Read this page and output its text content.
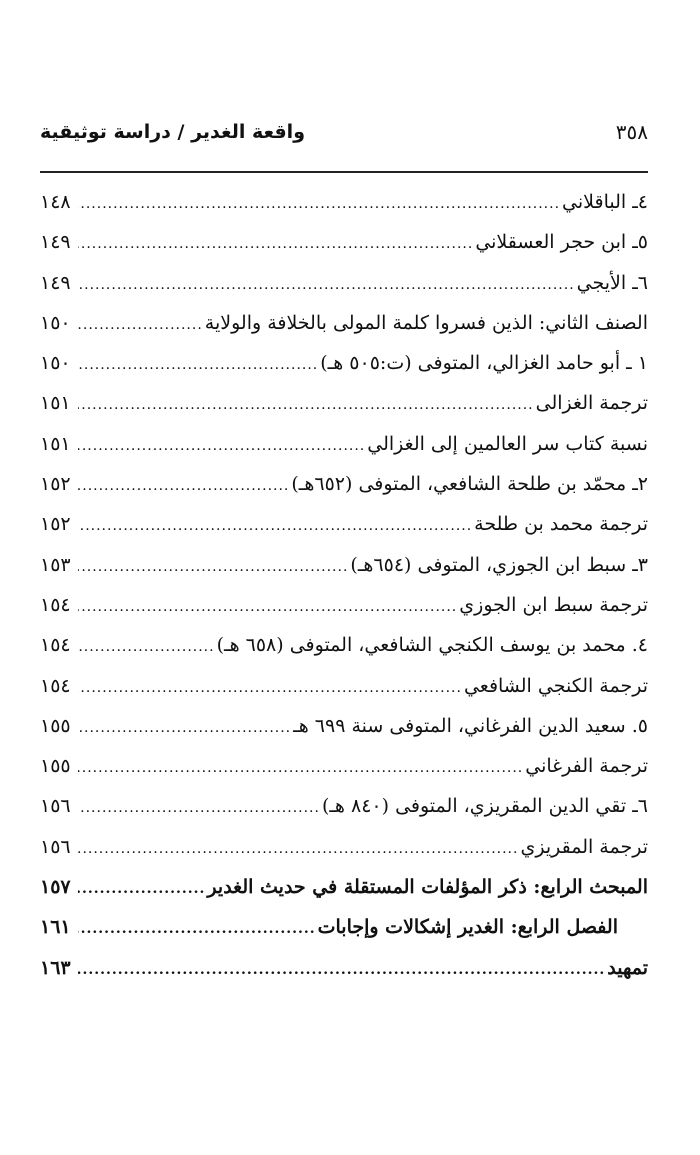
واقعة الغدير / دراسة توثيقية	٣٥٨
٤ـ الباقلاني
.....
١٤٨
٥ـ ابن حجر العسقلاني
.....
١٤٩
٦ـ الأيجي
.....
١٤٩
الصنف الثاني: الذين فسروا كلمة المولى بالخلافة والولاية
.....
١٥٠
١ ـ أبو حامد الغزالي، المتوفى (ت:٥٠٥ هـ)
.....
١٥٠
ترجمة الغزالى
.....
١٥١
نسبة كتاب سر العالمين إلى الغزالي
.....
١٥١
٢ـ محمّد بن طلحة الشافعي، المتوفى (٦٥٢هـ)
.....
١٥٢
ترجمة محمد بن طلحة
.....
١٥٢
٣ـ سبط ابن الجوزي، المتوفى (٦٥٤هـ)
.....
١٥٣
ترجمة سبط ابن الجوزي
.....
١٥٤
٤. محمد بن يوسف الكنجي الشافعي، المتوفى (٦٥٨ هـ)
.....
١٥٤
ترجمة الكنجي الشافعي
.....
١٥٤
٥. سعيد الدين الفرغاني، المتوفى سنة ٦٩٩ هـ
.....
١٥٥
ترجمة الفرغاني
.....
١٥٥
٦ـ تقي الدين المقريزي، المتوفى (٨٤٠ هـ)
.....
١٥٦
ترجمة المقريزي
.....
١٥٦
المبحث الرابع: ذكر المؤلفات المستقلة في حديث الغدير
.....
١٥٧
الفصل الرابع: الغدير إشكالات وإجابات
.....
١٦١
تمهيد
.....
١٦٣
